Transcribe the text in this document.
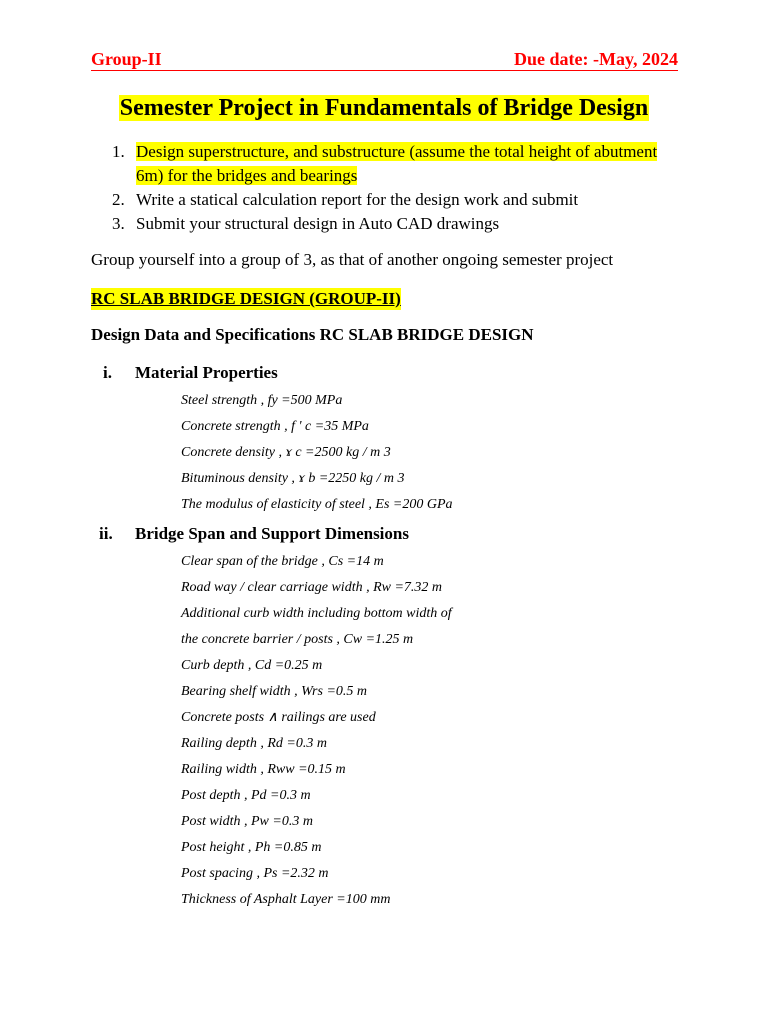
Group-II	Due date: -May, 2024
Semester Project in Fundamentals of Bridge Design
1. Design superstructure, and substructure (assume the total height of abutment 6m) for the bridges and bearings
2. Write a statical calculation report for the design work and submit
3. Submit your structural design in Auto CAD drawings
Group yourself into a group of 3, as that of another ongoing semester project
RC SLAB BRIDGE DESIGN (GROUP-II)
Design Data and Specifications RC SLAB BRIDGE DESIGN
i. Material Properties
Steel strength , fy =500 MPa
Concrete strength , f ' c =35 MPa
Concrete density , ɤ c =2500 kg / m 3
Bituminous density , ɤ b =2250 kg / m 3
The modulus of elasticity of steel , Es =200 GPa
ii. Bridge Span and Support Dimensions
Clear span of the bridge , Cs =14 m
Road way / clear carriage width , Rw =7.32 m
Additional curb width including bottom width of
the concrete barrier / posts , Cw =1.25 m
Curb depth , Cd =0.25 m
Bearing shelf width , Wrs =0.5 m
Concrete posts ∧ railings are used
Railing depth , Rd =0.3 m
Railing width , Rww =0.15 m
Post depth , Pd =0.3 m
Post width , Pw =0.3 m
Post height , Ph =0.85 m
Post spacing , Ps =2.32 m
Thickness of Asphalt Layer =100 mm
